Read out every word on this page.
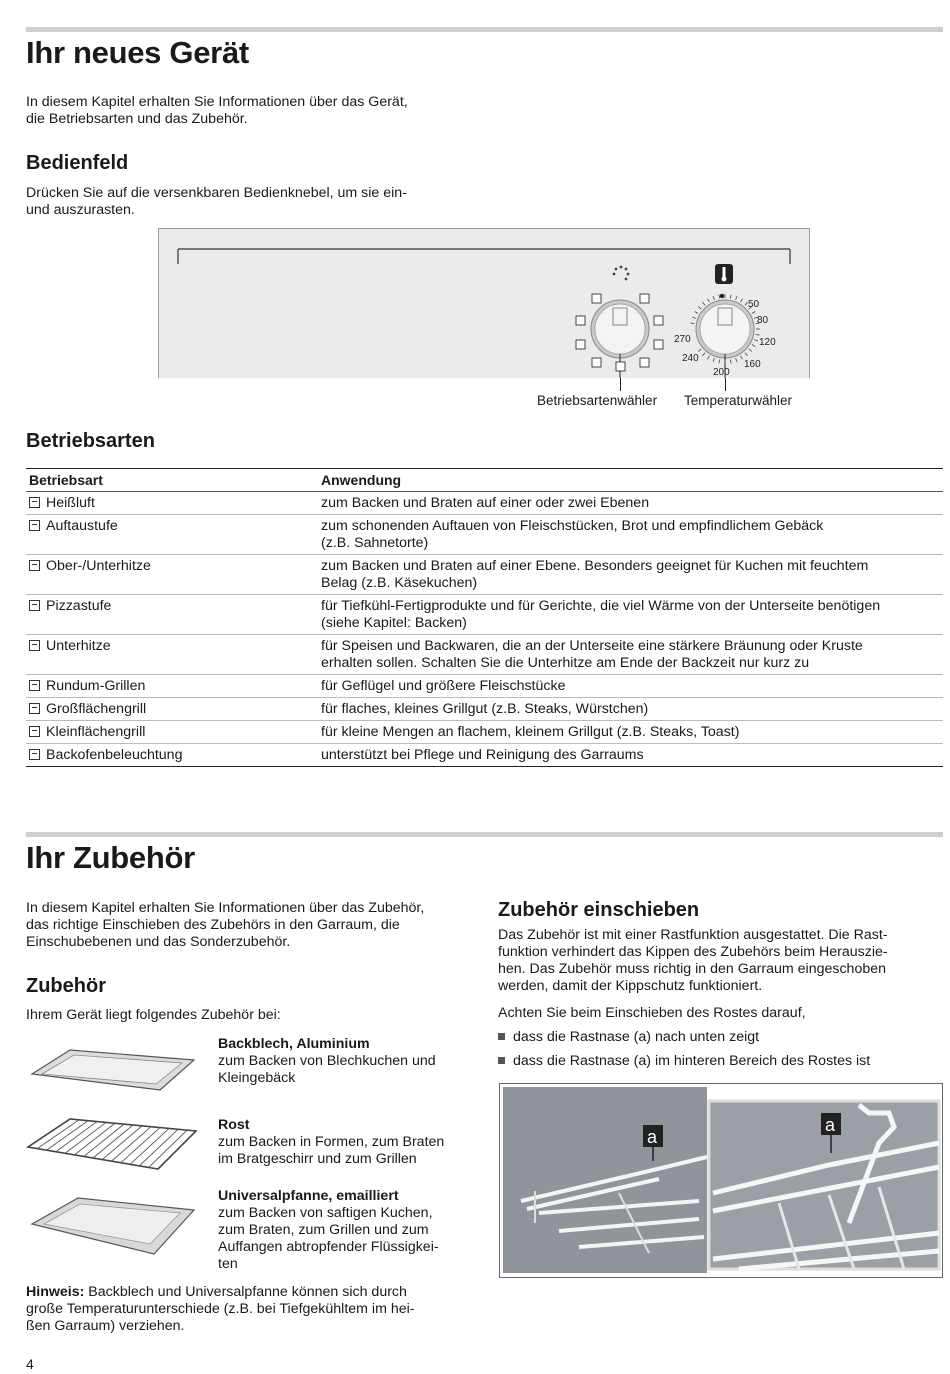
Ihr neues Gerät

In diesem Kapitel erhalten Sie Informationen über das Gerät,
die Betriebsarten und das Zubehör.

Bedienfeld

Drücken Sie auf die versenkbaren Bedienknebel, um sie ein-
und auszurasten.

50
80
120
160
200
240
270
Betriebsartenwähler Temperaturwähler
Betriebsarten
Betriebsart	Anwendung
Heißluft	zum Backen und Braten auf einer oder zwei Ebenen
Auftaustufe	zum schonenden Auftauen von Fleischstücken, Brot und empfindlichem Gebäck
(z.B. Sahnetorte)
Ober-/Unterhitze	zum Backen und Braten auf einer Ebene. Besonders geeignet für Kuchen mit feuchtem
Belag (z.B. Käsekuchen)
Pizzastufe	für Tiefkühl-Fertigprodukte und für Gerichte, die viel Wärme von der Unterseite benötigen
(siehe Kapitel: Backen)
Unterhitze	für Speisen und Backwaren, die an der Unterseite eine stärkere Bräunung oder Kruste
erhalten sollen. Schalten Sie die Unterhitze am Ende der Backzeit nur kurz zu
Rundum-Grillen	für Geflügel und größere Fleischstücke
Großflächengrill	für flaches, kleines Grillgut (z.B. Steaks, Würstchen)
Kleinflächengrill	für kleine Mengen an flachem, kleinem Grillgut (z.B. Steaks, Toast)
Backofenbeleuchtung	unterstützt bei Pflege und Reinigung des Garraums
Ihr Zubehör

In diesem Kapitel erhalten Sie Informationen über das Zubehör,
das richtige Einschieben des Zubehörs in den Garraum, die
Einschubebenen und das Sonderzubehör.

Zubehör

Ihrem Gerät liegt folgendes Zubehör bei:

Backblech, Aluminium
zum Backen von Blechkuchen und
Kleingebäck
Rost
zum Backen in Formen, zum Braten
im Bratgeschirr und zum Grillen
Universalpfanne, emailliert
zum Backen von saftigen Kuchen,
zum Braten, zum Grillen und zum
Auffangen abtropfender Flüssigkei-
ten

Hinweis: Backblech und Universalpfanne können sich durch
große Temperaturunterschiede (z.B. bei Tiefgekühltem im hei-
ßen Garraum) verziehen.

Zubehör einschieben

Das Zubehör ist mit einer Rastfunktion ausgestattet. Die Rast-
funktion verhindert das Kippen des Zubehörs beim Herauszie-
hen. Das Zubehör muss richtig in den Garraum eingeschoben
werden, damit der Kippschutz funktioniert.

Achten Sie beim Einschieben des Rostes darauf,

dass die Rastnase (a) nach unten zeigt
dass die Rastnase (a) im hinteren Bereich des Rostes ist
a
a
4
